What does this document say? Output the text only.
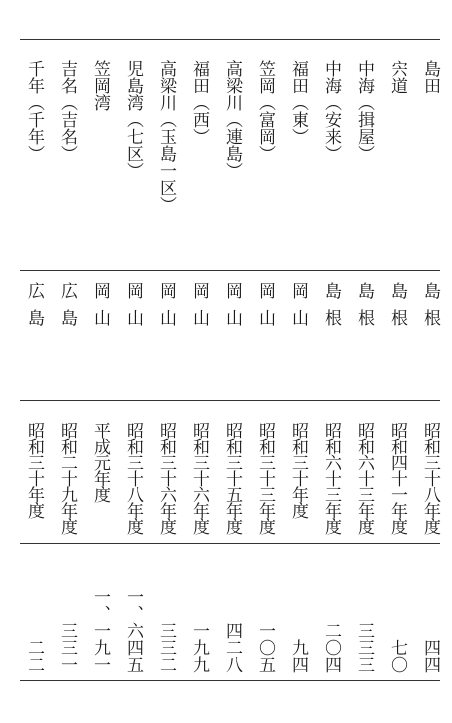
島田
宍道
中海（揖屋）
中海（安来）
福田（東）
笠岡（富岡）
高梁川（連島）
福田（西）
高梁川（玉島一区）
児島湾（七区）
笠岡湾
吉名（吉名）
千年（千年）
島根
島根
島根
島根
岡山
岡山
岡山
岡山
岡山
岡山
岡山
広島
広島
昭和三十八年度
昭和四十一年度
昭和六十三年度
昭和六十三年度
昭和三十年度
昭和三十三年度
昭和三十五年度
昭和三十六年度
昭和三十六年度
昭和三十八年度
平成元年度
昭和二十九年度
昭和三十年度
四四
七〇
三三三
二〇四
九四
一〇五
四二八
一九九
三三二
一、六四五
一、一九一
三三一
二二
